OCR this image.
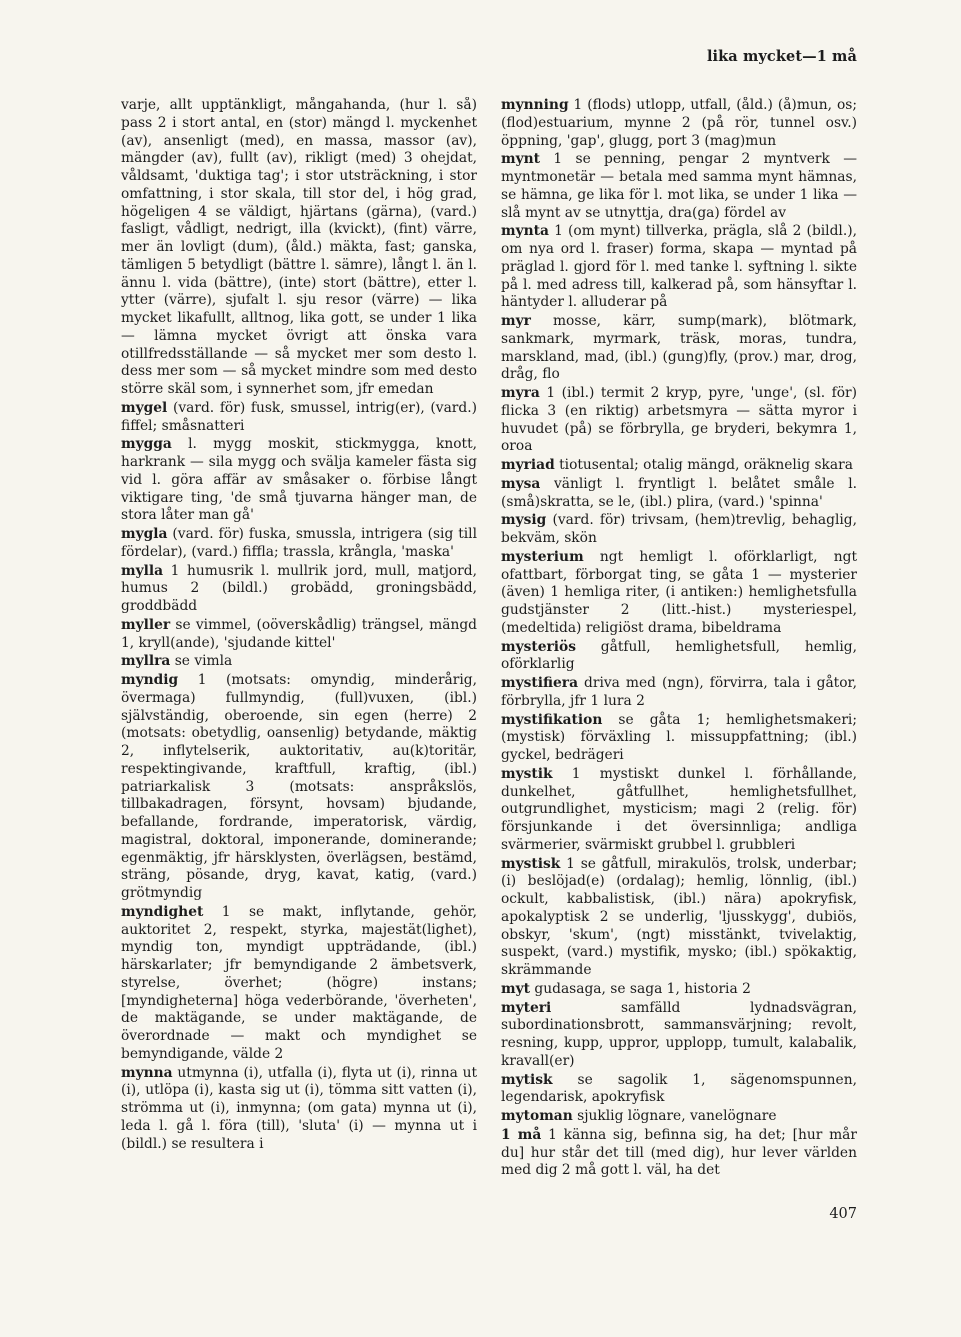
lika mycket—1 må

varje, allt upptänkligt, mångahanda, (hur l. så) pass 2 i stort antal, en (stor) mängd l. myckenhet (av), ansenligt (med), en massa, massor (av), mängder (av), fullt (av), rikligt (med) 3 ohejdat, våldsamt, 'duktiga tag'; i stor utsträckning, i stor omfattning, i stor skala, till stor del, i hög grad, högeligen 4 se väldigt, hjärtans (gärna), (vard.) fasligt, vådligt, nedrigt, illa (kvickt), (fint) värre, mer än lovligt (dum), (åld.) mäkta, fast; ganska, tämligen 5 betydligt (bättre l. sämre), långt l. än l. ännu l. vida (bättre), (inte) stort (bättre), etter l. ytter (värre), sjufalt l. sju resor (värre) — lika mycket likafullt, alltnog, lika gott, se under 1 lika — lämna mycket övrigt att önska vara otillfredsställande — så mycket mer som desto l. dess mer som — så mycket mindre som med desto större skäl som, i synnerhet som, jfr emedan

mygel (vard. för) fusk, smussel, intrig(er), (vard.) fiffel; småsnatteri

mygga l. mygg moskit, stickmygga, knott, harkrank — sila mygg och svälja kameler fästa sig vid l. göra affär av småsaker o. förbise långt viktigare ting, 'de små tjuvarna hänger man, de stora låter man gå'

mygla (vard. för) fuska, smussla, intrigera (sig till fördelar), (vard.) fiffla; trassla, krångla, 'maska'

mylla 1 humusrik l. mullrik jord, mull, matjord, humus 2 (bildl.) grobädd, groningsbädd, groddbädd

myller se vimmel, (oöverskådlig) trängsel, mängd 1, kryll(ande), 'sjudande kittel'

myllra se vimla

myndig 1 (motsats: omyndig, minderårig, övermaga) fullmyndig, (full)vuxen, (ibl.) självständig, oberoende, sin egen (herre) 2 (motsats: obetydlig, oansenlig) betydande, mäktig 2, inflytelserik, auktoritativ, au(k)toritär, respektingivande, kraftfull, kraftig, (ibl.) patriarkalisk 3 (motsats: anspråkslös, tillbakadragen, försynt, hovsam) bjudande, befallande, fordrande, imperatorisk, värdig, magistral, doktoral, imponerande, dominerande; egenmäktig, jfr härsklysten, överlägsen, bestämd, sträng, pösande, dryg, kavat, katig, (vard.) grötmyndig

myndighet 1 se makt, inflytande, gehör, auktoritet 2, respekt, styrka, majestät(lighet), myndig ton, myndigt uppträdande, (ibl.) härskarlater; jfr bemyndigande 2 ämbetsverk, styrelse, överhet; (högre) instans; [myndigheterna] höga vederbörande, 'överheten', de maktägande, se under maktägande, de överordnade — makt och myndighet se bemyndigande, välde 2

mynna utmynna (i), utfalla (i), flyta ut (i), rinna ut (i), utlöpa (i), kasta sig ut (i), tömma sitt vatten (i), strömma ut (i), inmynna; (om gata) mynna ut (i), leda l. gå l. föra (till), 'sluta' (i) — mynna ut i (bildl.) se resultera i

mynning 1 (flods) utlopp, utfall, (åld.) (å)mun, os; (flod)estuarium, mynne 2 (på rör, tunnel osv.) öppning, 'gap', glugg, port 3 (mag)mun

mynt 1 se penning, pengar 2 myntverk — myntmonetär — betala med samma mynt hämnas, se hämna, ge lika för l. mot lika, se under 1 lika — slå mynt av se utnyttja, dra(ga) fördel av

mynta 1 (om mynt) tillverka, prägla, slå 2 (bildl.), om nya ord l. fraser) forma, skapa — myntad på präglad l. gjord för l. med tanke l. syftning l. sikte på l. med adress till, kalkerad på, som hänsyftar l. häntyder l. alluderar på

myr mosse, kärr, sump(mark), blötmark, sankmark, myrmark, träsk, moras, tundra, marskland, mad, (ibl.) (gung)fly, (prov.) mar, drog, dråg, flo

myra 1 (ibl.) termit 2 kryp, pyre, 'unge', (sl. för) flicka 3 (en riktig) arbetsmyra — sätta myror i huvudet (på) se förbrylla, ge bryderi, bekymra 1, oroa

myriad tiotusental; otalig mängd, oräknelig skara

mysa vänligt l. fryntligt l. belåtet småle l. (små)skratta, se le, (ibl.) plira, (vard.) 'spinna'

mysig (vard. för) trivsam, (hem)trevlig, behaglig, bekväm, skön

mysterium ngt hemligt l. oförklarligt, ngt ofattbart, förborgat ting, se gåta 1 — mysterier (även) 1 hemliga riter, (i antiken:) hemlighetsfulla gudstjänster 2 (litt.-hist.) mysteriespel, (medeltida) religiöst drama, bibeldrama

mysteriös gåtfull, hemlighetsfull, hemlig, oförklarlig

mystifiera driva med (ngn), förvirra, tala i gåtor, förbrylla, jfr 1 lura 2

mystifikation se gåta 1; hemlighetsmakeri; (mystisk) förväxling l. missuppfattning; (ibl.) gyckel, bedrägeri

mystik 1 mystiskt dunkel l. förhållande, dunkelhet, gåtfullhet, hemlighetsfullhet, outgrundlighet, mysticism; magi 2 (relig. för) försjunkande i det översinnliga; andliga svärmerier, svärmiskt grubbel l. grubbleri

mystisk 1 se gåtfull, mirakulös, trolsk, underbar; (i) beslöjad(e) (ordalag); hemlig, lönnlig, (ibl.) ockult, kabbalistisk, (ibl.) nära) apokryfisk, apokalyptisk 2 se underlig, 'ljusskygg', dubiös, obskyr, 'skum', (ngt) misstänkt, tvivelaktig, suspekt, (vard.) mystifik, mysko; (ibl.) spökaktig, skrämmande

myt gudasaga, se saga 1, historia 2

myteri	samfälld lydnadsvägran, subordinationsbrott, sammansvärjning; revolt, resning, kupp, uppror, upplopp, tumult, kalabalik, kravall(er)

mytisk se sagolik 1, sägenomspunnen, legendarisk, apokryfisk

mytoman sjuklig lögnare, vanelögnare

1 må 1 känna sig, befinna sig, ha det; [hur mår du] hur står det till (med dig), hur lever världen med dig 2 må gott l. väl, ha det

407
